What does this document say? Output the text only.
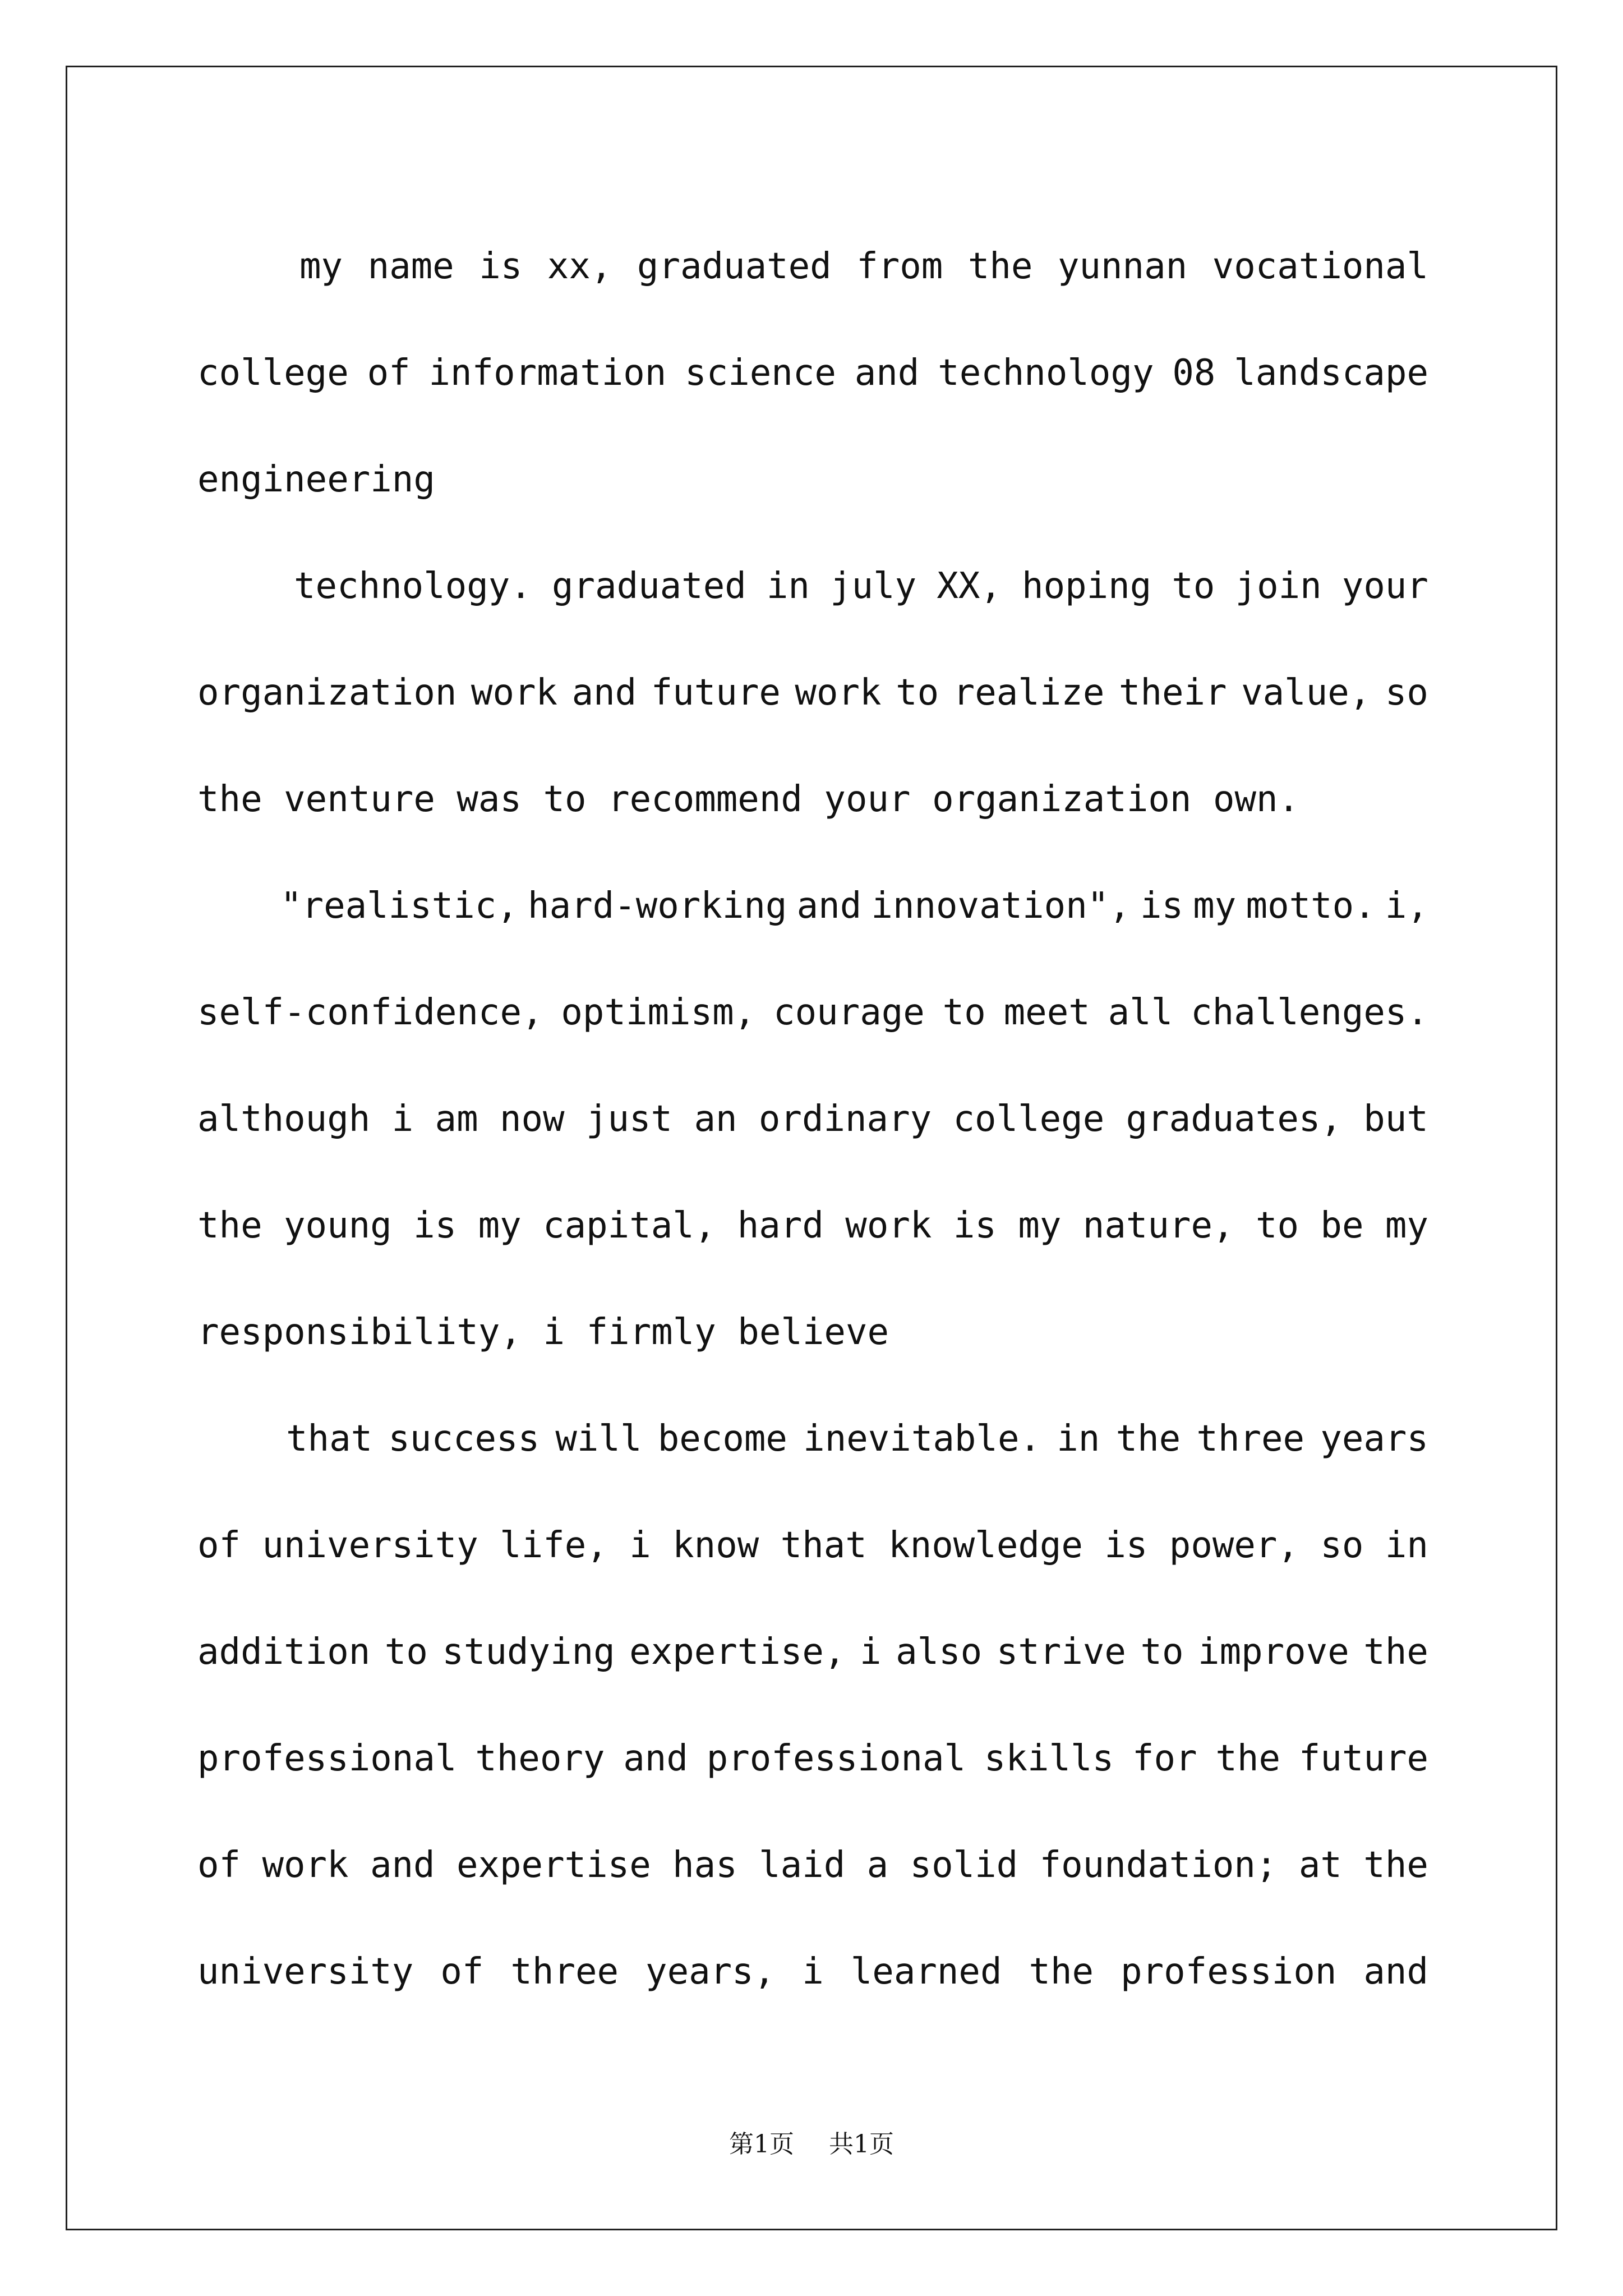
my name is xx, graduated from the yunnan vocational
college of information science and technology 08 landscape
engineering
technology. graduated in july XX, hoping to join your
organization work and future work to realize their value, so
the venture was to recommend your organization own.
"realistic, hard-working and innovation", is my motto. i,
self-confidence, optimism, courage to meet all challenges.
although i am now just an ordinary college graduates, but
the young is my capital, hard work is my nature, to be my
responsibility, i firmly believe
that success will become inevitable. in the three years
of university life, i know that knowledge is power, so in
addition to studying expertise, i also strive to improve the
professional theory and professional skills for the future
of work and expertise has laid a solid foundation; at the
university of three years, i learned the profession and
第1页 共1页
